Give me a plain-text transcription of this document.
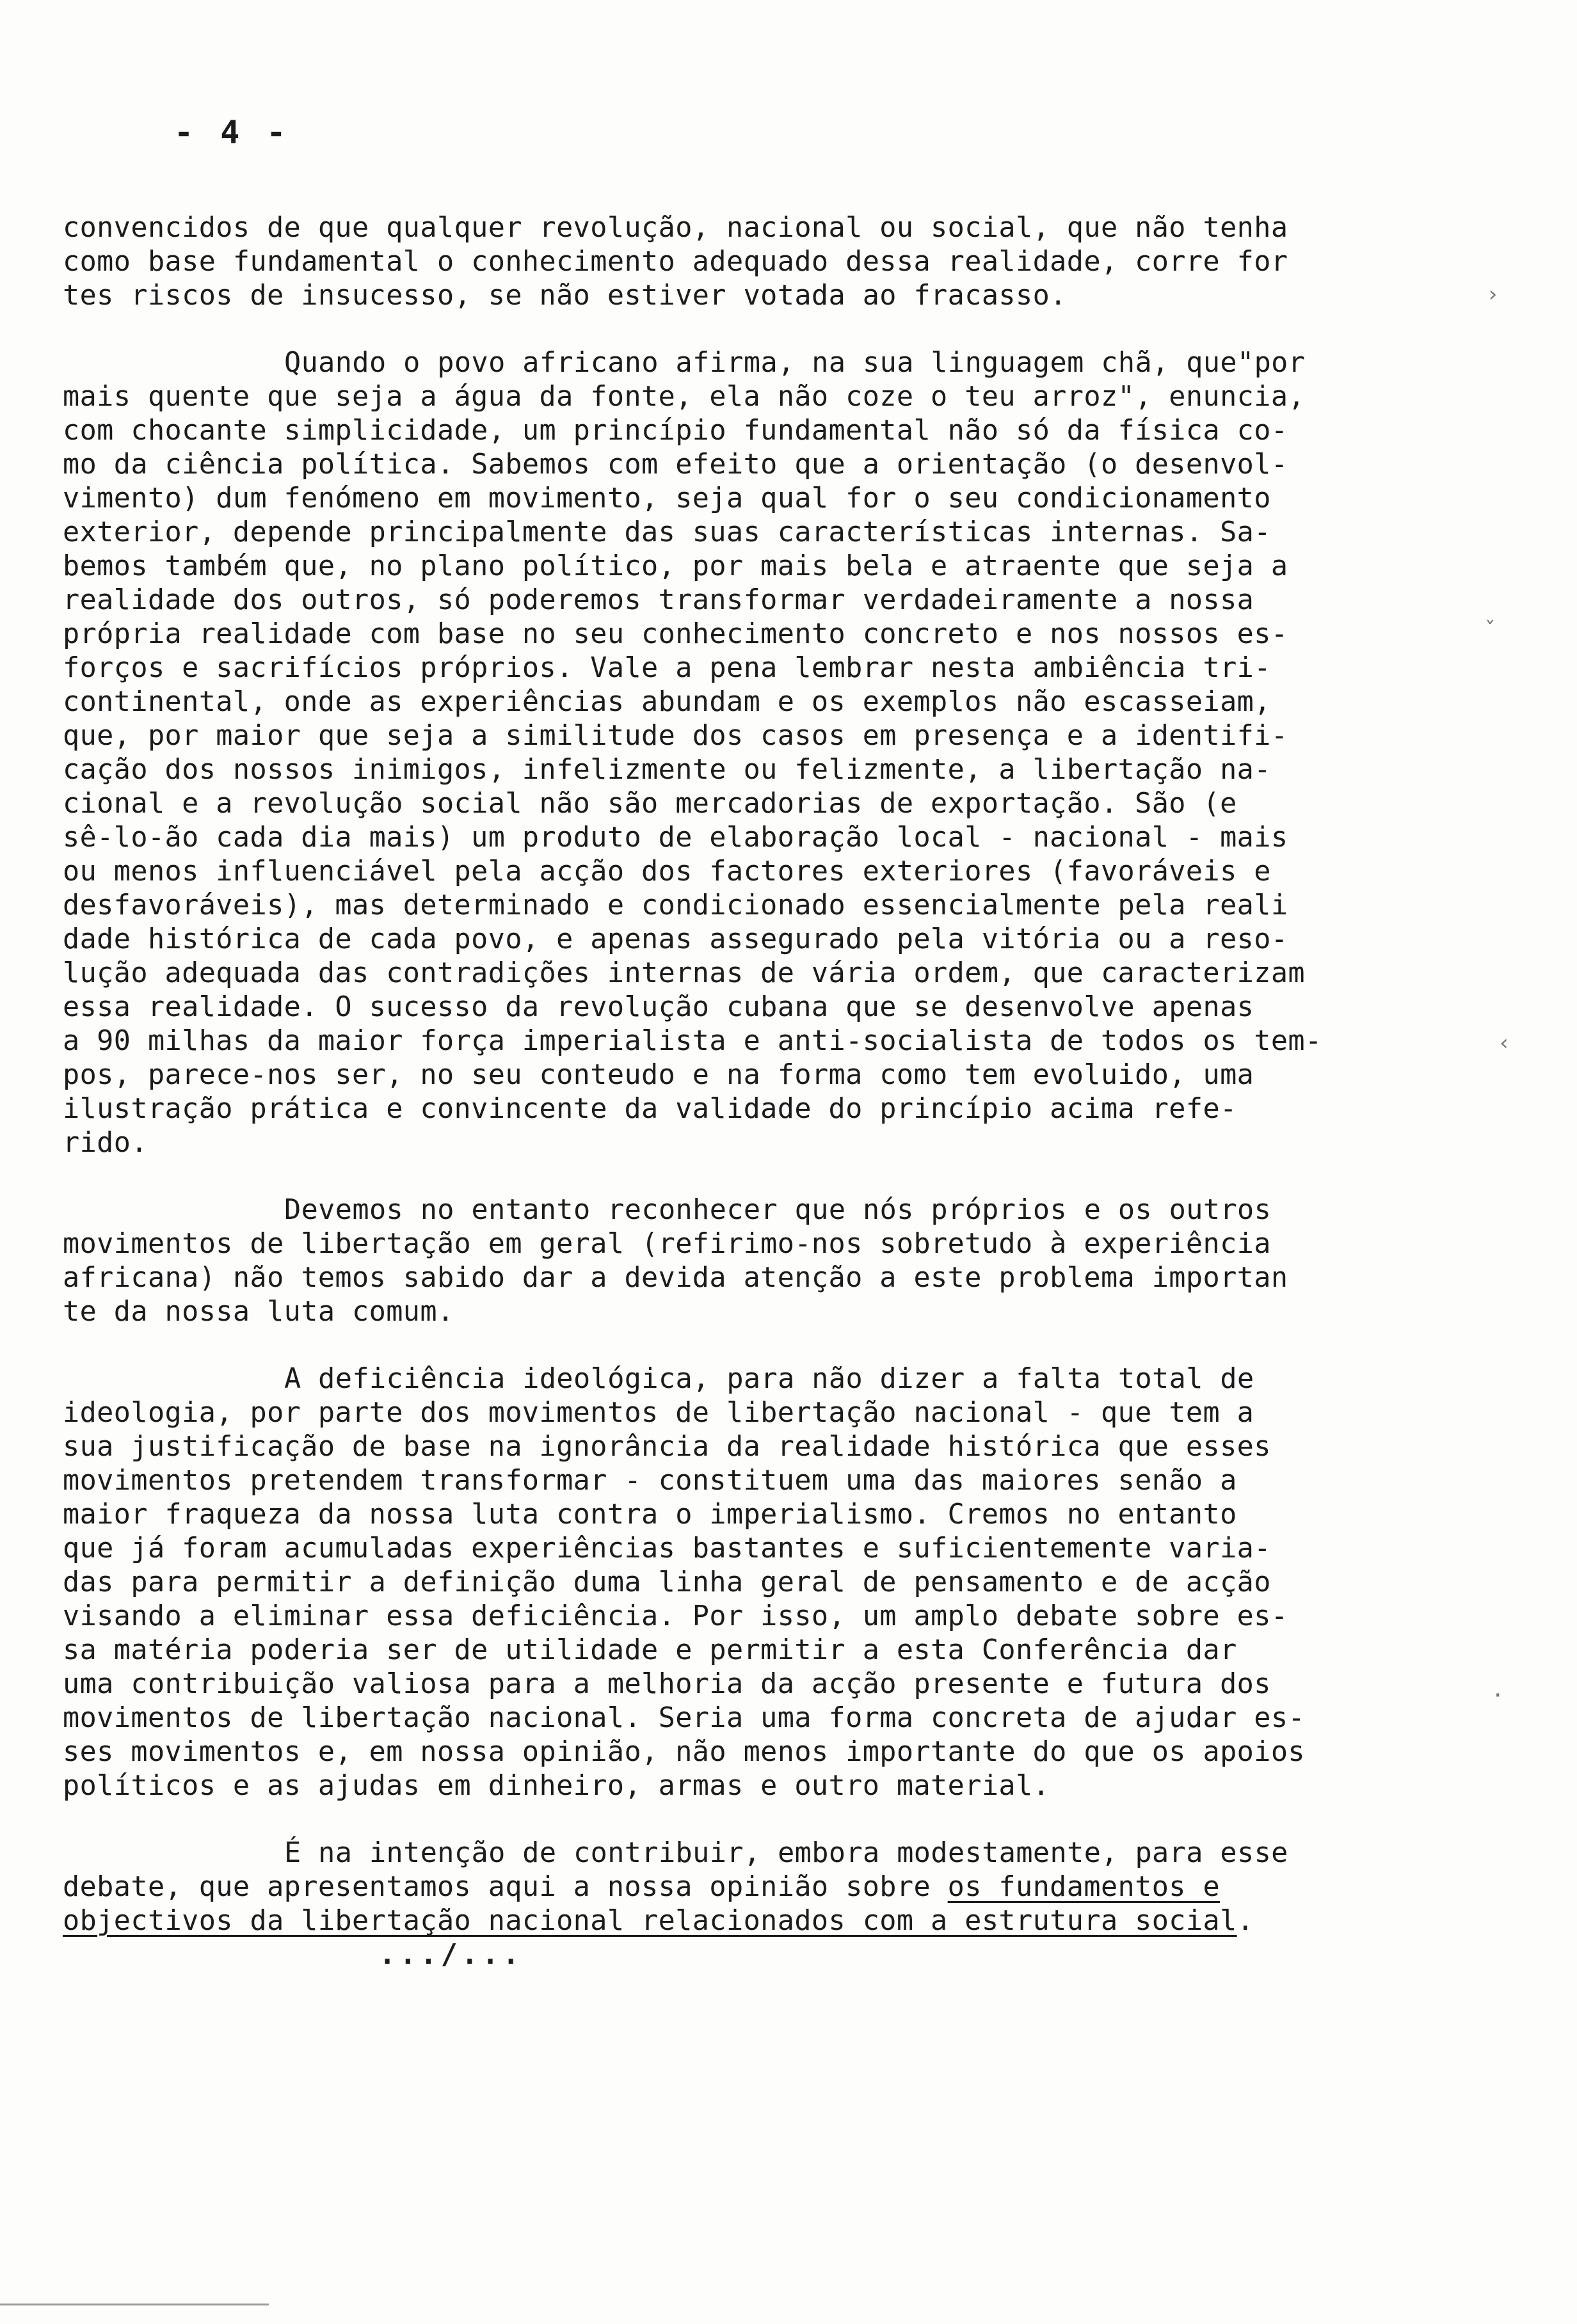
- 4 -

convencidos de que qualquer revolução, nacional ou social, que não tenha
como base fundamental o conhecimento adequado dessa realidade, corre for
tes riscos de insucesso, se não estiver votada ao fracasso.

Quando o povo africano afirma, na sua linguagem chã, que"por
mais quente que seja a água da fonte, ela não coze o teu arroz", enuncia,
com chocante simplicidade, um princípio fundamental não só da física co-
mo da ciência política. Sabemos com efeito que a orientação (o desenvol-
vimento) dum fenómeno em movimento, seja qual for o seu condicionamento
exterior, depende principalmente das suas características internas. Sa-
bemos também que, no plano político, por mais bela e atraente que seja a
realidade dos outros, só poderemos transformar verdadeiramente a nossa
própria realidade com base no seu conhecimento concreto e nos nossos es-
forços e sacrifícios próprios. Vale a pena lembrar nesta ambiência tri-
continental, onde as experiências abundam e os exemplos não escasseiam,
que, por maior que seja a similitude dos casos em presença e a identifi-
cação dos nossos inimigos, infelizmente ou felizmente, a libertação na-
cional e a revolução social não são mercadorias de exportação. São (e
sê-lo-ão cada dia mais) um produto de elaboração local - nacional - mais
ou menos influenciável pela acção dos factores exteriores (favoráveis e
desfavoráveis), mas determinado e condicionado essencialmente pela reali
dade histórica de cada povo, e apenas assegurado pela vitória ou a reso-
lução adequada das contradições internas de vária ordem, que caracterizam
essa realidade. O sucesso da revolução cubana que se desenvolve apenas
a 90 milhas da maior força imperialista e anti-socialista de todos os tem-
pos, parece-nos ser, no seu conteudo e na forma como tem evoluido, uma
ilustração prática e convincente da validade do princípio acima refe-
rido.

Devemos no entanto reconhecer que nós próprios e os outros
movimentos de libertação em geral (refirimo-nos sobretudo à experiência
africana) não temos sabido dar a devida atenção a este problema importan
te da nossa luta comum.

A deficiência ideológica, para não dizer a falta total de
ideologia, por parte dos movimentos de libertação nacional - que tem a
sua justificação de base na ignorância da realidade histórica que esses
movimentos pretendem transformar - constituem uma das maiores senão a
maior fraqueza da nossa luta contra o imperialismo. Cremos no entanto
que já foram acumuladas experiências bastantes e suficientemente varia-
das para permitir a definição duma linha geral de pensamento e de acção
visando a eliminar essa deficiência. Por isso, um amplo debate sobre es-
sa matéria poderia ser de utilidade e permitir a esta Conferência dar
uma contribuição valiosa para a melhoria da acção presente e futura dos
movimentos de libertação nacional. Seria uma forma concreta de ajudar es-
ses movimentos e, em nossa opinião, não menos importante do que os apoios
políticos e as ajudas em dinheiro, armas e outro material.

É na intenção de contribuir, embora modestamente, para esse
debate, que apresentamos aqui a nossa opinião sobre os fundamentos e
objectivos da libertação nacional relacionados com a estrutura social.

.../...
›
ˇ
‹
·
